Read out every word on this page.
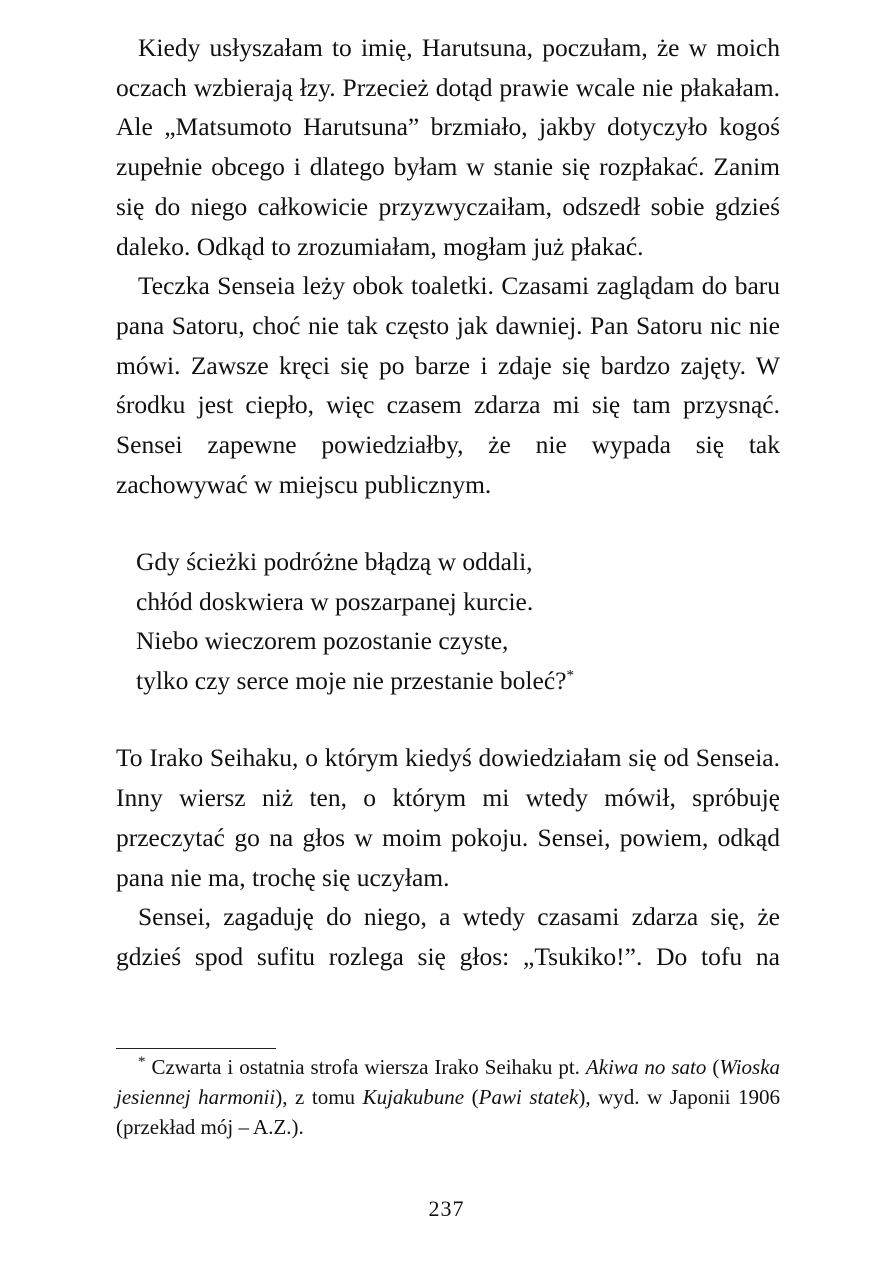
Kiedy usłyszałam to imię, Harutsuna, poczułam, że w moich oczach wzbierają łzy. Przecież dotąd prawie wcale nie płakałam. Ale „Matsumoto Harutsuna” brzmiało, jakby dotyczyło kogoś zupełnie obcego i dlatego byłam w stanie się rozpłakać. Zanim się do niego całkowicie przyzwyczaiłam, odszedł sobie gdzieś daleko. Odkąd to zrozumiałam, mogłam już płakać.

Teczka Senseia leży obok toaletki. Czasami zaglądam do baru pana Satoru, choć nie tak często jak dawniej. Pan Satoru nic nie mówi. Zawsze kręci się po barze i zdaje się bardzo zajęty. W środku jest ciepło, więc czasem zdarza mi się tam przysnąć. Sensei zapewne powiedziałby, że nie wypada się tak zachowywać w miejscu publicznym.

Gdy ścieżki podróżne błądzą w oddali,
chłód doskwiera w poszarpanej kurcie.
Niebo wieczorem pozostanie czyste,
tylko czy serce moje nie przestanie boleć?*

To Irako Seihaku, o którym kiedyś dowiedziałam się od Senseia. Inny wiersz niż ten, o którym mi wtedy mówił, spróbuję przeczytać go na głos w moim pokoju. Sensei, powiem, odkąd pana nie ma, trochę się uczyłam.

Sensei, zagaduję do niego, a wtedy czasami zdarza się, że gdzieś spod sufitu rozlega się głos: „Tsukiko!”. Do tofu na

* Czwarta i ostatnia strofa wiersza Irako Seihaku pt. Akiwa no sato (Wioska jesiennej harmonii), z tomu Kujakubune (Pawi statek), wyd. w Japonii 1906 (przekład mój – A.Z.).
237
